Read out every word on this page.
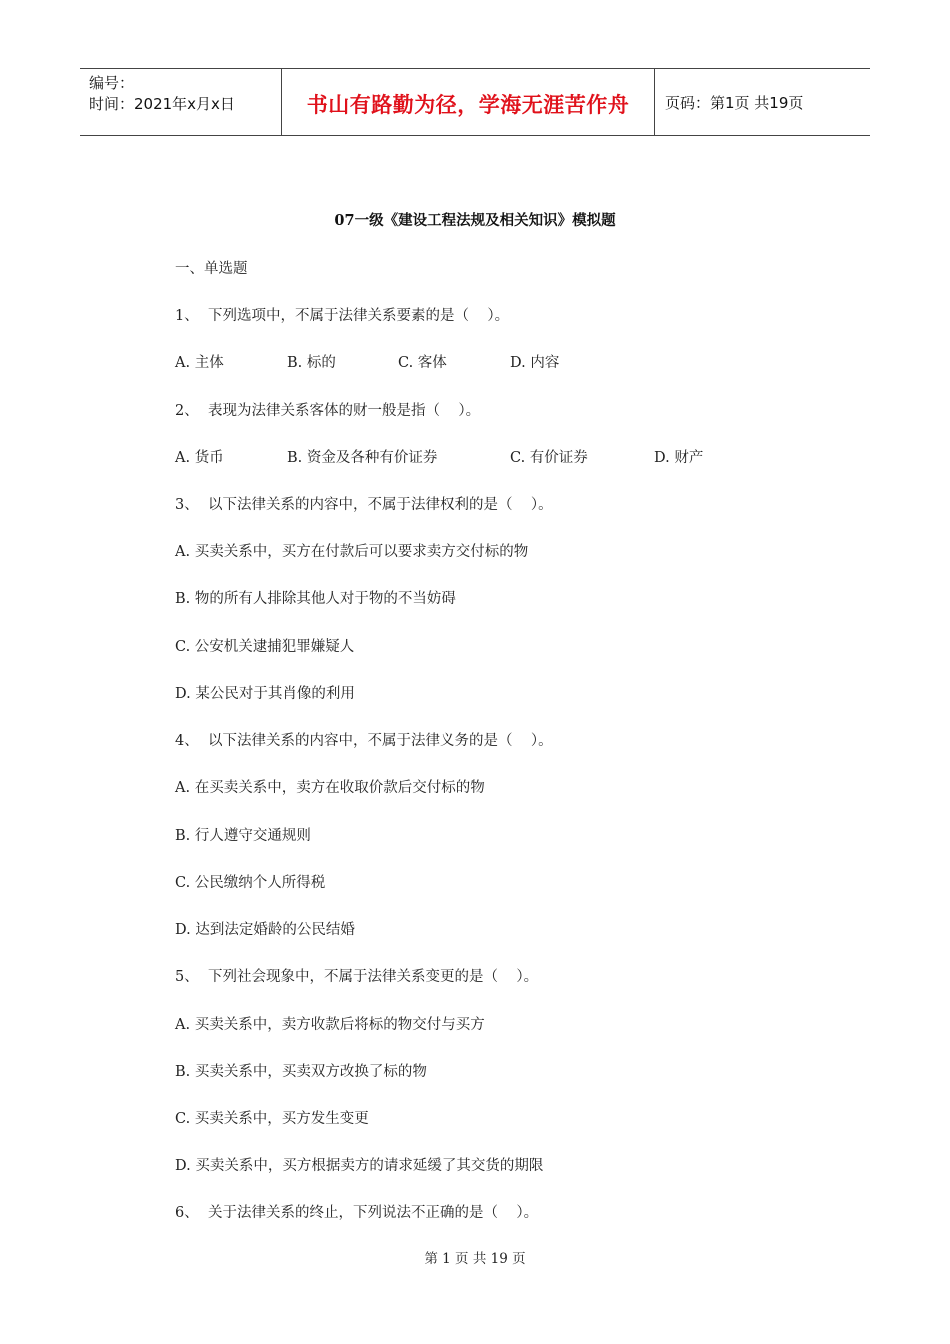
编号：
时间：2021年x月x日	书山有路勤为径，学海无涯苦作舟 页码：第1页 共19页
07一级《建设工程法规及相关知识》模拟题
一、单选题
1、  下列选项中，不属于法律关系要素的是（    ）。
A. 主体	B. 标的	C. 客体	D. 内容
2、  表现为法律关系客体的财一般是指（    ）。
A. 货币	B. 资金及各种有价证券	C. 有价证券	D. 财产
3、  以下法律关系的内容中，不属于法律权利的是（    ）。
A. 买卖关系中，买方在付款后可以要求卖方交付标的物
B. 物的所有人排除其他人对于物的不当妨碍
C. 公安机关逮捕犯罪嫌疑人
D. 某公民对于其肖像的利用
4、  以下法律关系的内容中，不属于法律义务的是（    ）。
A. 在买卖关系中，卖方在收取价款后交付标的物
B. 行人遵守交通规则
C. 公民缴纳个人所得税
D. 达到法定婚龄的公民结婚
5、  下列社会现象中，不属于法律关系变更的是（    ）。
A. 买卖关系中，卖方收款后将标的物交付与买方
B. 买卖关系中，买卖双方改换了标的物
C. 买卖关系中，买方发生变更
D. 买卖关系中，买方根据卖方的请求延缓了其交货的期限
6、  关于法律关系的终止，下列说法不正确的是（    ）。
第 1 页 共 19 页
